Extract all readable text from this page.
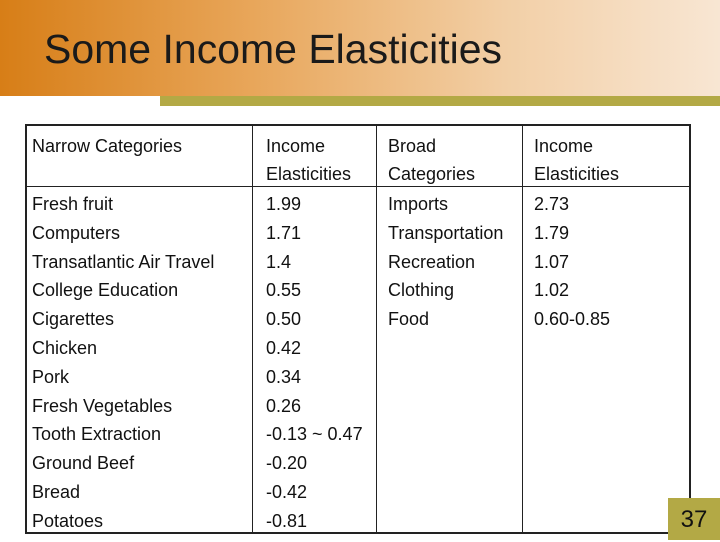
Some Income Elasticities
Narrow Categories	Income
Elasticities
Broad
Categories
Income
Elasticities
Fresh fruit
Computers
Transatlantic Air Travel
College Education
Cigarettes
Chicken
Pork
Fresh Vegetables
Tooth Extraction
Ground Beef
Bread
Potatoes
1.99
1.71
1.4
0.55
0.50
0.42
0.34
0.26
-0.13 ~ 0.47
-0.20
-0.42
-0.81
Imports
Transportation
Recreation
Clothing
Food
2.73
1.79
1.07
1.02
0.60-0.85
37
